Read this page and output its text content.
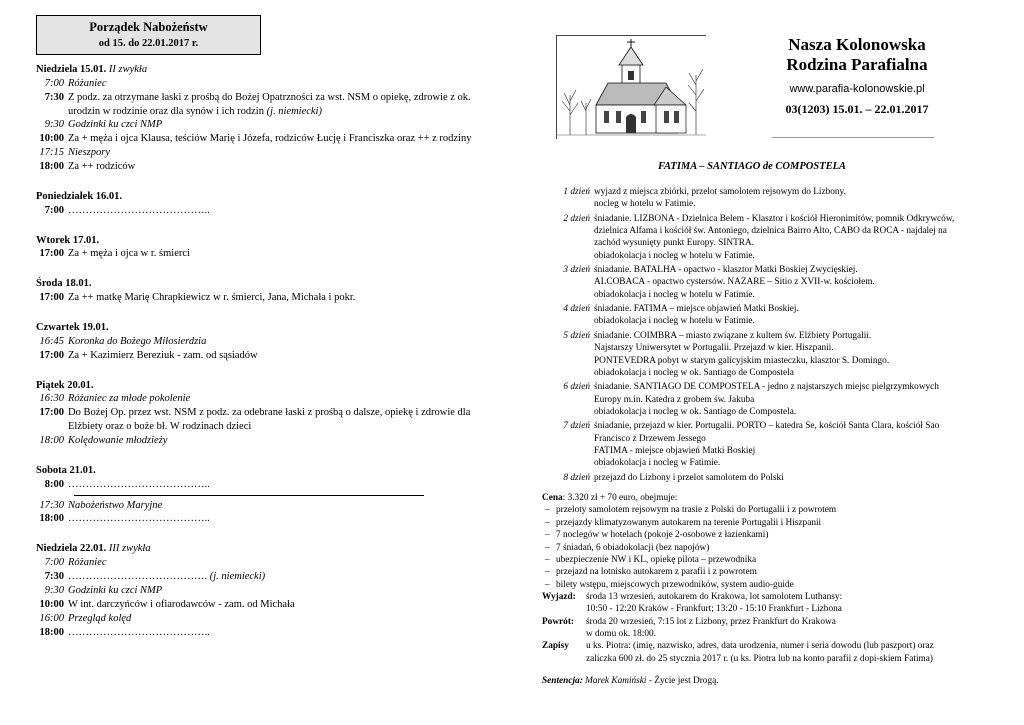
Porządek Nabożeństw
od 15. do 22.01.2017 r.
Niedziela 15.01. II zwykła
7:00 Różaniec
7:30 Z podz. za otrzymane łaski z prośbą do Bożej Opatrzności za wst. NSM o opiekę, zdrowie z ok. urodzin w rodzinie oraz dla synów i ich rodzin (j. niemiecki)
9:30 Godzinki ku czci NMP
10:00 Za + męża i ojca Klausa, teściów Marię i Józefa, rodziców Łucję i Franciszka oraz ++ z rodziny
17:15 Nieszpory
18:00 Za ++ rodziców
Poniedziałek 16.01.
7:00 …………………………………..
Wtorek 17.01.
17:00 Za + męża i ojca w r. śmierci
Środa 18.01.
17:00 Za ++ matkę Marię Chrapkiewicz w r. śmierci, Jana, Michała i pokr.
Czwartek 19.01.
16:45 Koronka do Bożego Miłosierdzia
17:00 Za + Kazimierz Bereziuk - zam. od sąsiadów
Piątek 20.01.
16:30 Różaniec za młode pokolenie
17:00 Do Bożej Op. przez wst. NSM z podz. za odebrane łaski z prośbą o dalsze, opiekę i zdrowie dla Elżbiety oraz o boże bł. W rodzinach dzieci
18:00 Kolędowanie młodzieży
Sobota 21.01.
8:00 …………………………………..
17:30 Nabożeństwo Maryjne
18:00 …………………………………..
Niedziela 22.01. III zwykła
7:00 Różaniec
7:30 …………………………………. (j. niemiecki)
9:30 Godzinki ku czci NMP
10:00 W int. darczyńców i ofiarodawców - zam. od Michała
16:00 Przegląd kolęd
18:00 …………………………………..
Nasza Kolonowska
Rodzina Parafialna
www.parafia-kolonowskie.pl
03(1203) 15.01. – 22.01.2017
FATIMA – SANTIAGO de COMPOSTELA
1 dzień wyjazd z miejsca zbiórki, przelot samolotem rejsowym do Lizbony.
nocleg w hotelu w Fatimie.
2 dzień śniadanie. LIZBONA - Dzielnica Belem - Klasztor i kościół Hieronimitów, pomnik Odkrywców, dzielnica Alfama i kościół św. Antoniego, dzielnica Bairro Alto, CABO da ROCA - najdalej na zachód wysunięty punkt Europy. SINTRA.
obiadokolacja i nocleg w hotelu w Fatimie.
3 dzień śniadanie. BATALHA - opactwo - klasztor Matki Boskiej Zwycięskiej.
ALCOBACA - opactwo cystersów. NAZARE – Sitio z XVII-w. kościołem.
obiadokolacja i nocleg w hotelu w Fatimie.
4 dzień śniadanie. FATIMA – miejsce objawień Matki Boskiej.
obiadokolacja i nocleg w hotelu w Fatimie.
5 dzień śniadanie. COIMBRA – miasto związane z kultem św. Elżbiety Portugalii.
Najstarszy Uniwersytet w Portugalii. Przejazd w kier. Hiszpanii.
PONTEVEDRA pobyt w starym galicyjskim miasteczku, klasztor S. Domingo.
obiadokolacja i nocleg w ok. Santiago de Compostela
6 dzień śniadanie. SANTIAGO DE COMPOSTELA - jedno z najstarszych miejsc pielgrzymkowych Europy m.in. Katedra z grobem św. Jakuba
obiadokolacja i nocleg w ok. Santiago de Compostela.
7 dzień śniadanie, przejazd w kier. Portugalii. PORTO – katedra Se, kościół Santa Clara, kościół Sao Francisco z Drzewem Jessego
FATIMA - miejsce objawień Matki Boskiej
obiadokolacja i nocleg w Fatimie.
8 dzień przejazd do Lizbony i przelot samolotem do Polski
Cena: 3.320 zł + 70 euro, obejmuje:
– przeloty samolotem rejsowym na trasie z Polski do Portugalii i z powrotem
– przejazdy klimatyzowanym autokarem na terenie Portugalii i Hiszpanii
– 7 noclegów w hotelach (pokoje 2-osobowe z łazienkami)
– 7 śniadań, 6 obiadokolacji (bez napojów)
– ubezpieczenie NW i KL, opiekę pilota – przewodnika
– przejazd na lotnisko autokarem z parafii i z powrotem
– bilety wstępu, miejscowych przewodników, system audio-guide
Wyjazd:	środa 13 wrzesień, autokarem do Krakowa, lot samolotem Luthansy:
10:50 - 12:20 Kraków - Frankfurt; 13:20 - 15:10 Frankfurt - Lizbona
Powrót:	środa 20 wrzesień, 7:15 lot z Lizbony, przez Frankfurt do Krakowa
w domu ok. 18:00.
Zapisy	u ks. Piotra: (imię, nazwisko, adres, data urodzenia, numer i seria dowodu (lub paszport) oraz zaliczka 600 zł. do 25 stycznia 2017 r. (u ks. Piotra lub na konto parafii z dopi-skiem Fatima)
Sentencja: Marek Kamiński - Życie jest Drogą.
